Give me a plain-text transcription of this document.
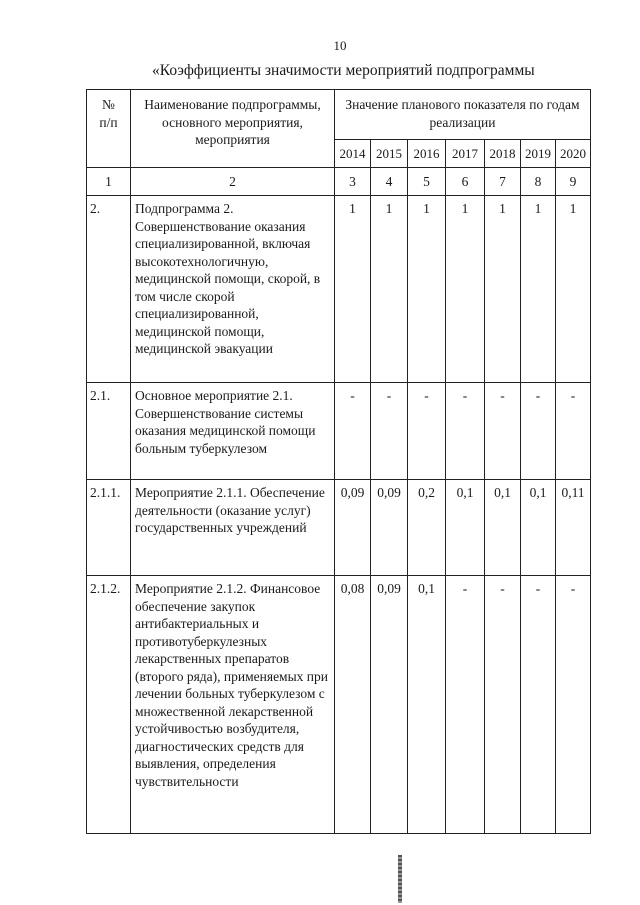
10
«Коэффициенты значимости мероприятий подпрограммы
№
п/п	Наименование подпрограммы, основного мероприятия, мероприятия	Значение планового показателя по годам реализации						
		2014	2015	2016	2017	2018	2019	2020
1	2	3	4	5	6	7	8	9
2.	Подпрограмма 2. Совершенствование оказания специализированной, включая высокотехнологичную, медицинской помощи, скорой, в том числе скорой специализированной, медицинской помощи, медицинской эвакуации	1	1	1	1	1	1	1
2.1.	Основное мероприятие 2.1. Совершенствование системы оказания медицинской помощи больным туберкулезом	-	-	-	-	-	-	-
2.1.1.	Мероприятие 2.1.1. Обеспечение деятельности (оказание услуг) государственных учреждений	0,09	0,09	0,2	0,1	0,1	0,1	0,11
2.1.2.	Мероприятие 2.1.2. Финансовое обеспечение закупок антибактериальных и противотуберкулезных лекарственных препаратов (второго ряда), применяемых при лечении больных туберкулезом с множественной лекарственной устойчивостью возбудителя, диагностических средств для выявления, определения чувствительности	0,08	0,09	0,1	-	-	-	-
